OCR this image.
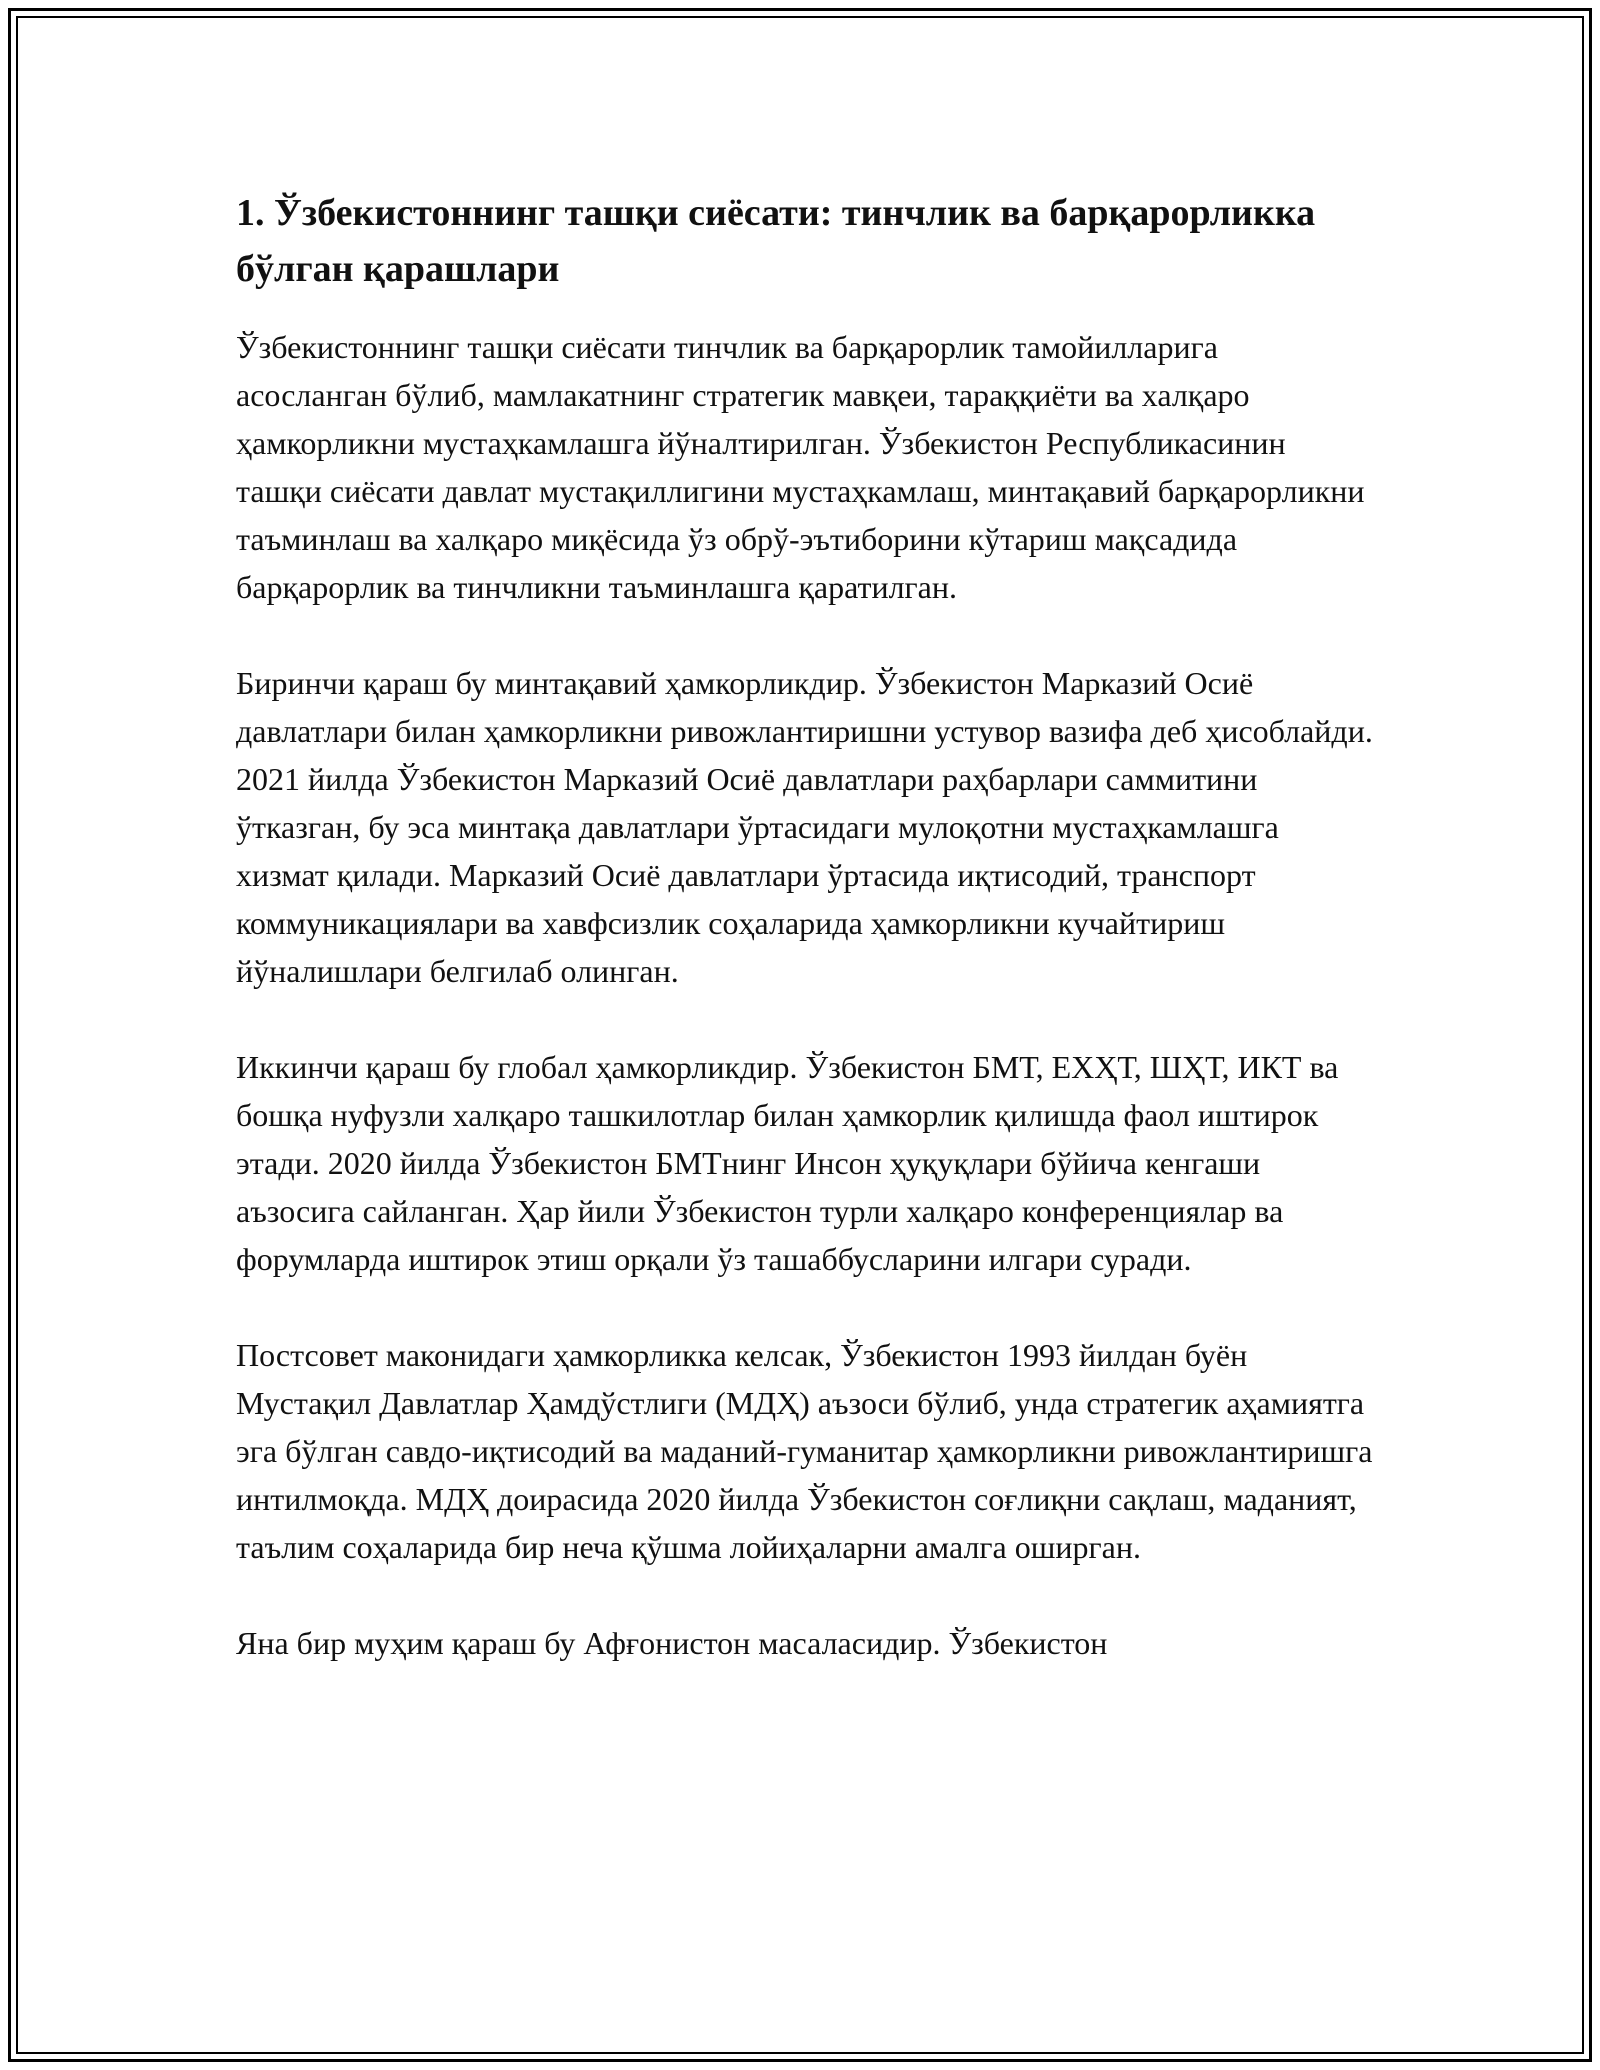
1. Ўзбекистоннинг ташқи сиёсати: тинчлик ва барқарорликка бўлган қарашлари

Ўзбекистоннинг ташқи сиёсати тинчлик ва барқарорлик тамойилларига асосланган бўлиб, мамлакатнинг стратегик мавқеи, тараққиёти ва халқаро ҳамкорликни мустаҳкамлашга йўналтирилган. Ўзбекистон Республикасинин ташқи сиёсати давлат мустақиллигини мустаҳкамлаш, минтақавий барқарорликни таъминлаш ва халқаро миқёсида ўз обрў-эътиборини кўтариш мақсадида барқарорлик ва тинчликни таъминлашга қаратилган.

Биринчи қараш бу минтақавий ҳамкорликдир. Ўзбекистон Марказий Осиё давлатлари билан ҳамкорликни ривожлантиришни устувор вазифа деб ҳисоблайди. 2021 йилда Ўзбекистон Марказий Осиё давлатлари раҳбарлари саммитини ўтказган, бу эса минтақа давлатлари ўртасидаги мулоқотни мустаҳкамлашга хизмат қилади. Марказий Осиё давлатлари ўртасида иқтисодий, транспорт коммуникациялари ва хавфсизлик соҳаларида ҳамкорликни кучайтириш йўналишлари белгилаб олинган.

Иккинчи қараш бу глобал ҳамкорликдир. Ўзбекистон БМТ, ЕХҲТ, ШҲТ, ИКТ ва бошқа нуфузли халқаро ташкилотлар билан ҳамкорлик қилишда фаол иштирок этади. 2020 йилда Ўзбекистон БМТнинг Инсон ҳуқуқлари бўйича кенгаши аъзосига сайланган. Ҳар йили Ўзбекистон турли халқаро конференциялар ва форумларда иштирок этиш орқали ўз ташаббусларини илгари суради.

Постсовет маконидаги ҳамкорликка келсак, Ўзбекистон 1993 йилдан буён Мустақил Давлатлар Ҳамдўстлиги (МДҲ) аъзоси бўлиб, унда стратегик аҳамиятга эга бўлган савдо-иқтисодий ва маданий-гуманитар ҳамкорликни ривожлантиришга интилмоқда. МДҲ доирасида 2020 йилда Ўзбекистон соғлиқни сақлаш, маданият, таълим соҳаларида бир неча қўшма лойиҳаларни амалга оширган.

Яна бир муҳим қараш бу Афғонистон масаласидир. Ўзбекистон
